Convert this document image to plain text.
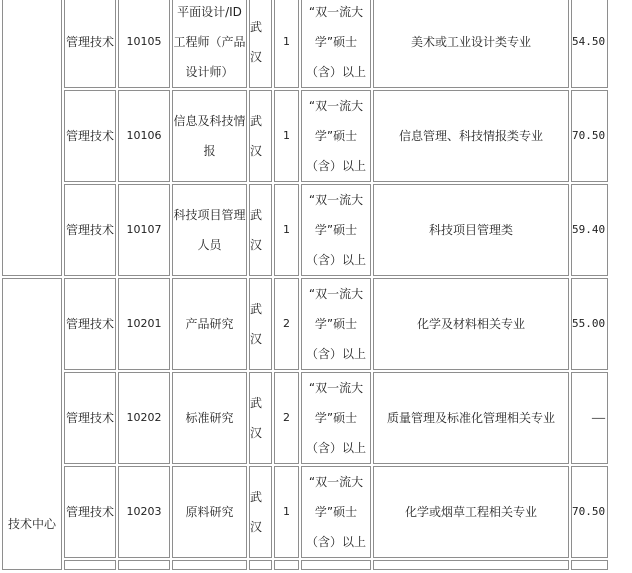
	管理技术	10105	平面设计/ID工程师（产品设计师）	武汉	1	“双一流大学”硕士（含）以上	美术或工业设计类专业	54.50
	管理技术	10106	信息及科技情报	武汉	1	“双一流大学”硕士（含）以上	信息管理、科技情报类专业	70.50
	管理技术	10107	科技项目管理人员	武汉	1	“双一流大学”硕士（含）以上	科技项目管理类	59.40
技术中心	管理技术	10201	产品研究	武汉	2	“双一流大学”硕士（含）以上	化学及材料相关专业	55.00
	管理技术	10202	标准研究	武汉	2	“双一流大学”硕士（含）以上	质量管理及标准化管理相关专业	——
	管理技术	10203	原料研究	武汉	1	“双一流大学”硕士（含）以上	化学或烟草工程相关专业	70.50
